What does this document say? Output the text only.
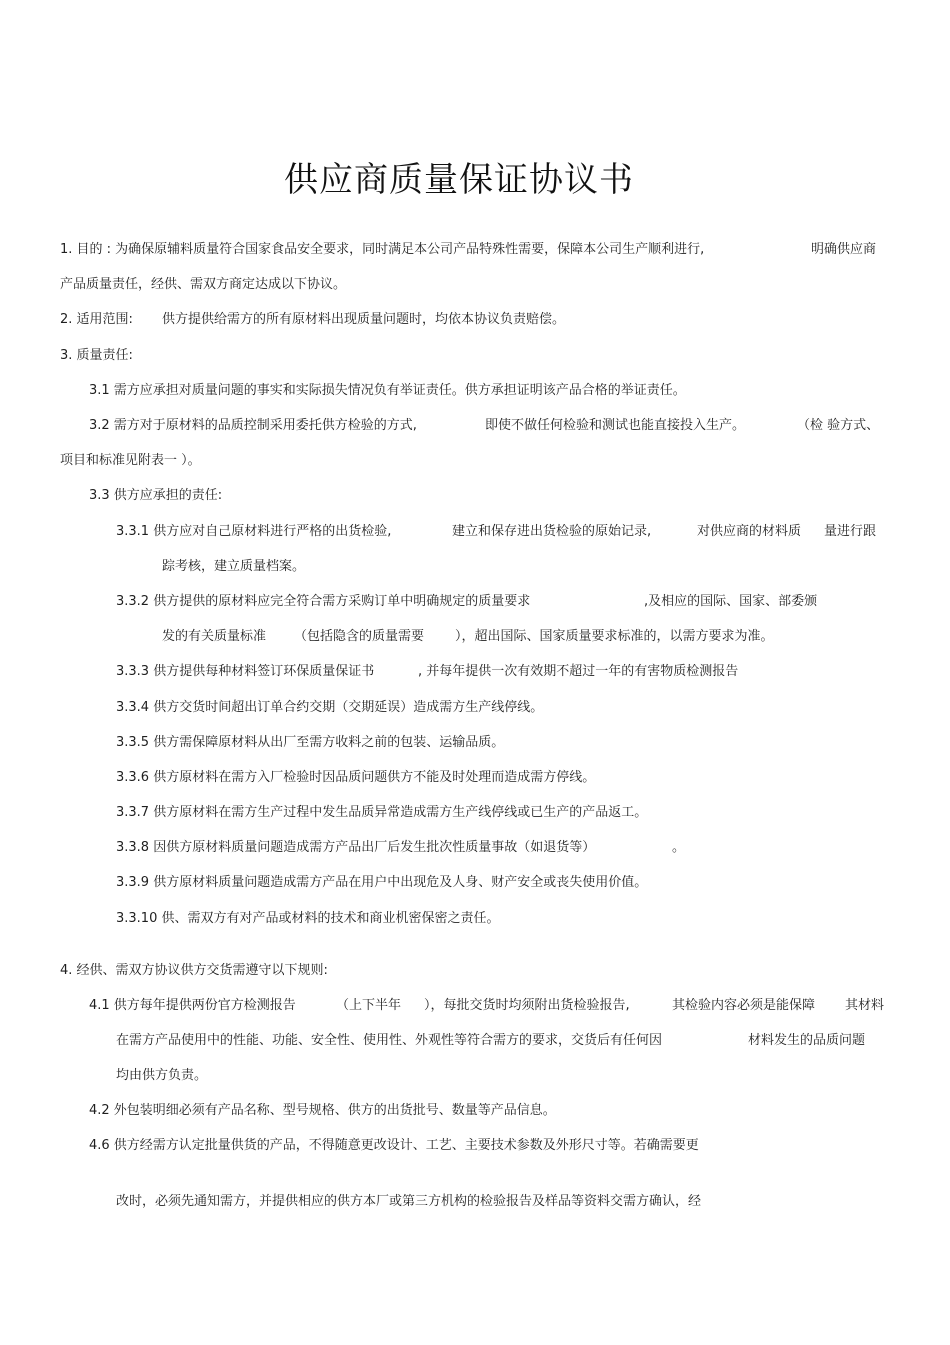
供应商质量保证协议书
1. 目的 : 为确保原辅料质量符合国家食品安全要求，同时满足本公司产品特殊性需要，保障本公司生产顺利进行,	明确供应商
产品质量责任，经供、需双方商定达成以下协议。
2. 适用范围: 供方提供给需方的所有原材料出现质量问题时，均依本协议负责赔偿。
3. 质量责任:
3.1 需方应承担对质量问题的事实和实际损失情况负有举证责任。供方承担证明该产品合格的举证责任。
3.2 需方对于原材料的品质控制采用委托供方检验的方式,	即使不做任何检验和测试也能直接投入生产。	（检 验方式、
项目和标准见附表一 ）。
3.3 供方应承担的责任:
3.3.1 供方应对自己原材料进行严格的出货检验,	建立和保存进出货检验的原始记录,	对供应商的材料质 量进行跟
踪考核，建立质量档案。
3.3.2 供方提供的原材料应完全符合需方采购订单中明确规定的质量要求	,及相应的国际、国家、部委颁
发的有关质量标准 （包括隐含的质量需要 ），超出国际、国家质量要求标准的，以需方要求为准。
3.3.3 供方提供每种材料签订环保质量保证书	, 并每年提供一次有效期不超过一年的有害物质检测报告
3.3.4 供方交货时间超出订单合约交期（交期延误）造成需方生产线停线。
3.3.5 供方需保障原材料从出厂至需方收料之前的包装、运输品质。
3.3.6 供方原材料在需方入厂检验时因品质问题供方不能及时处理而造成需方停线。
3.3.7 供方原材料在需方生产过程中发生品质异常造成需方生产线停线或已生产的产品返工。
3.3.8 因供方原材料质量问题造成需方产品出厂后发生批次性质量事故（如退货等）	。
3.3.9 供方原材料质量问题造成需方产品在用户中出现危及人身、财产安全或丧失使用价值。
3.3.10 供、需双方有对产品或材料的技术和商业机密保密之责任。
4. 经供、需双方协议供方交货需遵守以下规则:
4.1 供方每年提供两份官方检测报告	（上下半年 ），每批交货时均须附出货检验报告,	其检验内容必须是能保障 其材料
在需方产品使用中的性能、功能、安全性、使用性、外观性等符合需方的要求，交货后有任何因	材料发生的品质问题
均由供方负责。
4.2 外包装明细必须有产品名称、型号规格、供方的出货批号、数量等产品信息。
4.6 供方经需方认定批量供货的产品，不得随意更改设计、工艺、主要技术参数及外形尺寸等。若确需要更
改时，必须先通知需方，并提供相应的供方本厂或第三方机构的检验报告及样品等资料交需方确认，经
